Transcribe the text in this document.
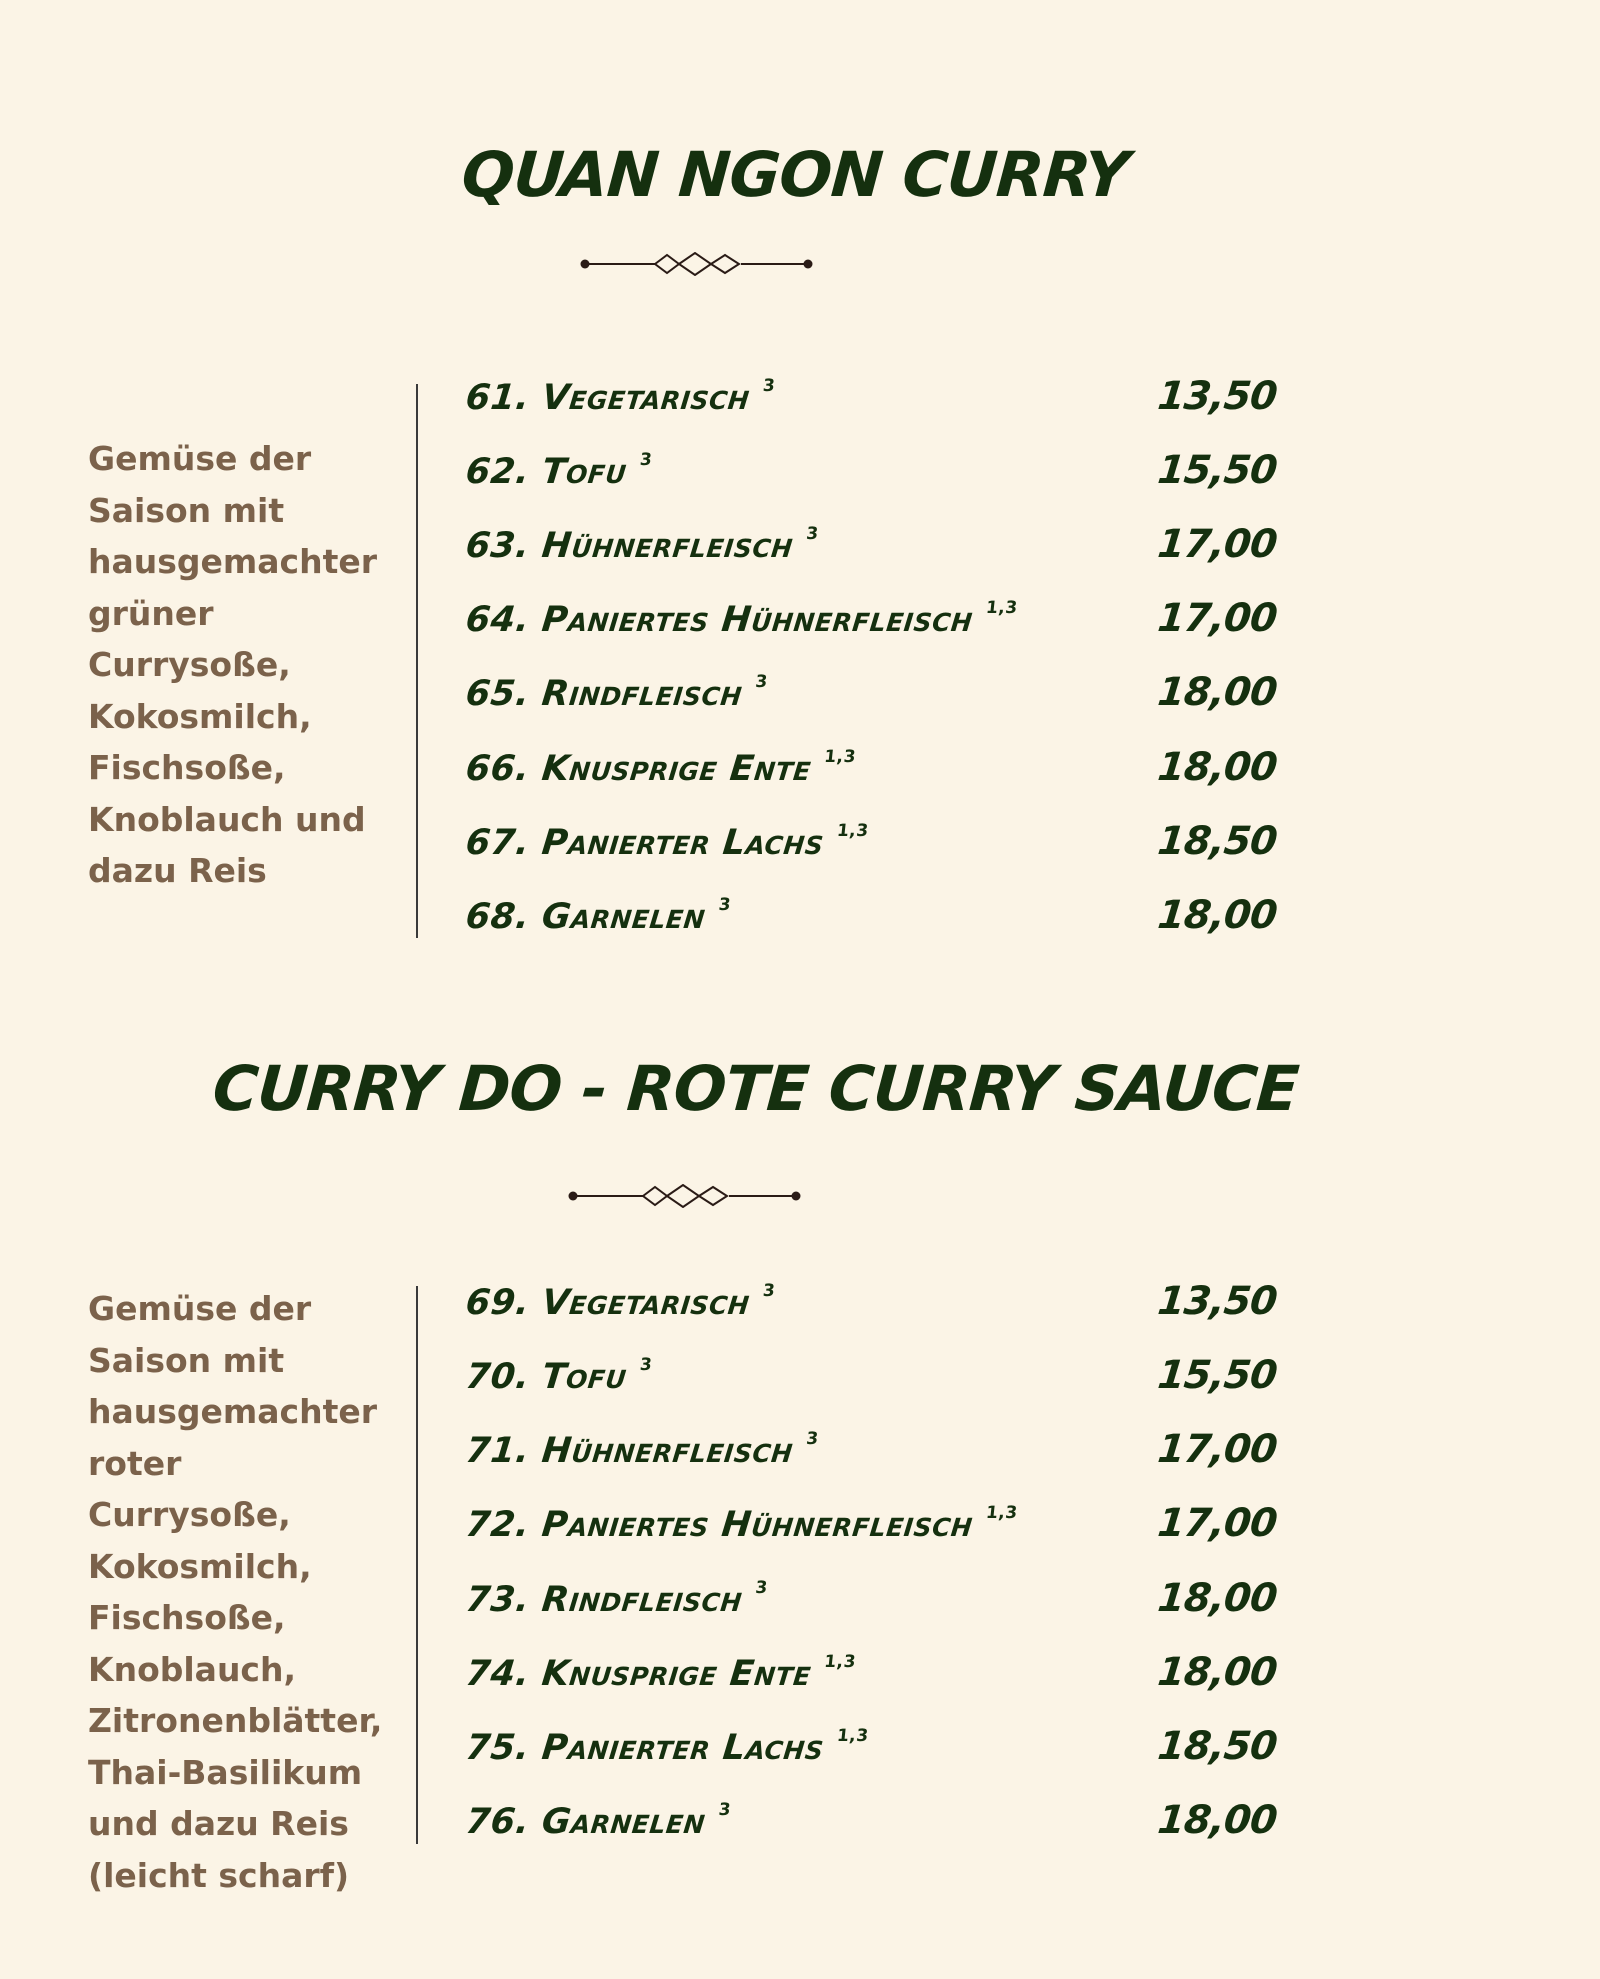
QUAN NGON CURRY
Gemüse der
Saison mit
hausgemachter
grüner
Currysoße,
Kokosmilch,
Fischsoße,
Knoblauch und
dazu Reis
61. Vegetarisch $^3$	13,50
62. Tofu $^3$	15,50
63. Hühnerfleisch $^3$	17,00
64. Paniertes Hühnerfleisch $^{1,3}$	17,00
65. Rindfleisch $^3$	18,00
66. Knusprige Ente $^{1,3}$	18,00
67. Panierter Lachs $^{1,3}$	18,50
68. Garnelen $^3$	18,00
CURRY DO - ROTE CURRY SAUCE
Gemüse der
Saison mit
hausgemachter
roter Currysoße,
Kokosmilch,
Fischsoße,
Knoblauch,
Zitronenblätter,
Thai-Basilikum
und dazu Reis
(leicht scharf)
69. Vegetarisch $^3$	13,50
70. Tofu $^3$	15,50
71. Hühnerfleisch $^3$	17,00
72. Paniertes Hühnerfleisch $^{1,3}$	17,00
73. Rindfleisch $^3$	18,00
74. Knusprige Ente $^{1,3}$	18,00
75. Panierter Lachs $^{1,3}$	18,50
76. Garnelen $^3$	18,00
